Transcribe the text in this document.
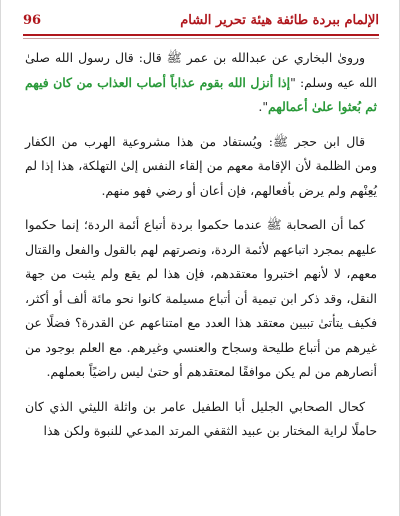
96	الإلمام ببردة طائفة هيئة تحرير الشام

وروىٰ البخاري عن عبدالله بن عمر ﷺ قال: قال رسول الله صلىٰ الله عيه وسلم: "إذا أنزل الله بقوم عذاباً أصاب العذاب من كان فيهم ثم بُعثوا علىٰ أعمالهم".

قال ابن حجر ﷺ: ويُستفاد من هذا مشروعية الهرب من الكفار ومن الظلمة لأن الإقامة معهم من إلقاء النفس إلىٰ التهلكة، هذا إذا لم يُعِنْهم ولم يرض بأفعالهم، فإن أعان أو رضي فهو منهم.

كما أن الصحابة ﷺ عندما حكموا بردة أتباع أئمة الردة؛ إنما حكموا عليهم بمجرد اتباعهم لأئمة الردة، ونصرتهم لهم بالقول والفعل والقتال معهم، لا لأنهم اختبروا معتقدهم، فإن هذا لم يقع ولم يثبت من جهة النقل، وقد ذكر ابن تيمية أن أتباع مسيلمة كانوا نحو مائة ألف أو أكثر، فكيف يتأتىٰ تبيين معتقد هذا العدد مع امتناعهم عن القدرة؟ فضلًا عن غيرهم من أتباع طليحة وسجاح والعنسي وغيرهم. مع العلم بوجود من أنصارهم من لم يكن موافقًا لمعتقدهم أو حتىٰ ليس راضيًاً بعملهم.

كحال الصحابي الجليل أبا الطفيل عامر بن واثلة الليثي الذي كان حاملًا لراية المختار بن عبيد الثقفي المرتد المدعي للنبوة ولكن هذا
